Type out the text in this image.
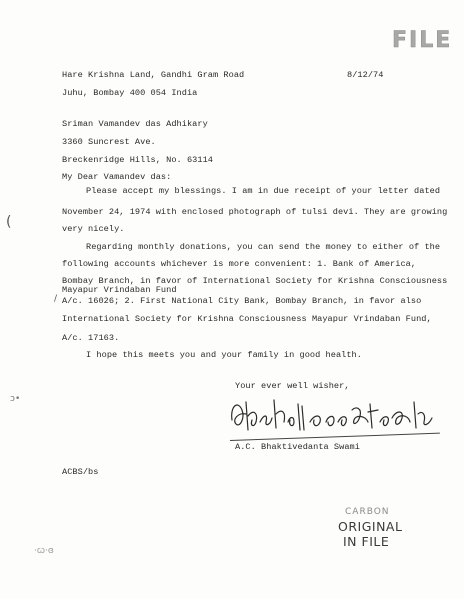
FILE
Hare Krishna Land, Gandhi Gram Road	8/12/74
Juhu, Bombay 400 054 India
Sriman Vamandev das Adhikary
3360 Suncrest Ave.
Breckenridge Hills, No. 63114
My Dear Vamandev das:
Please accept my blessings. I am in due receipt of your letter dated
November 24, 1974 with enclosed photograph of tulsi devi. They are growing
very nicely.
Regarding monthly donations, you can send the money to either of the
following accounts whichever is more convenient: 1. Bank of America,
Bombay Branch, in favor of International Society for Krishna Consciousness
Mayapur Vrindaban Fund
A/c. 16026; 2. First National City Bank, Bombay Branch, in favor also
International Society for Krishna Consciousness Mayapur Vrindaban Fund,
A/c. 17163.
I hope this meets you and your family in good health.
/
(
ↄ•
·ꞷ·ɞ
Your ever well wisher,
A.C. Bhaktivedanta Swami
ACBS/bs
CARBON
ORIGINAL
IN FILE
